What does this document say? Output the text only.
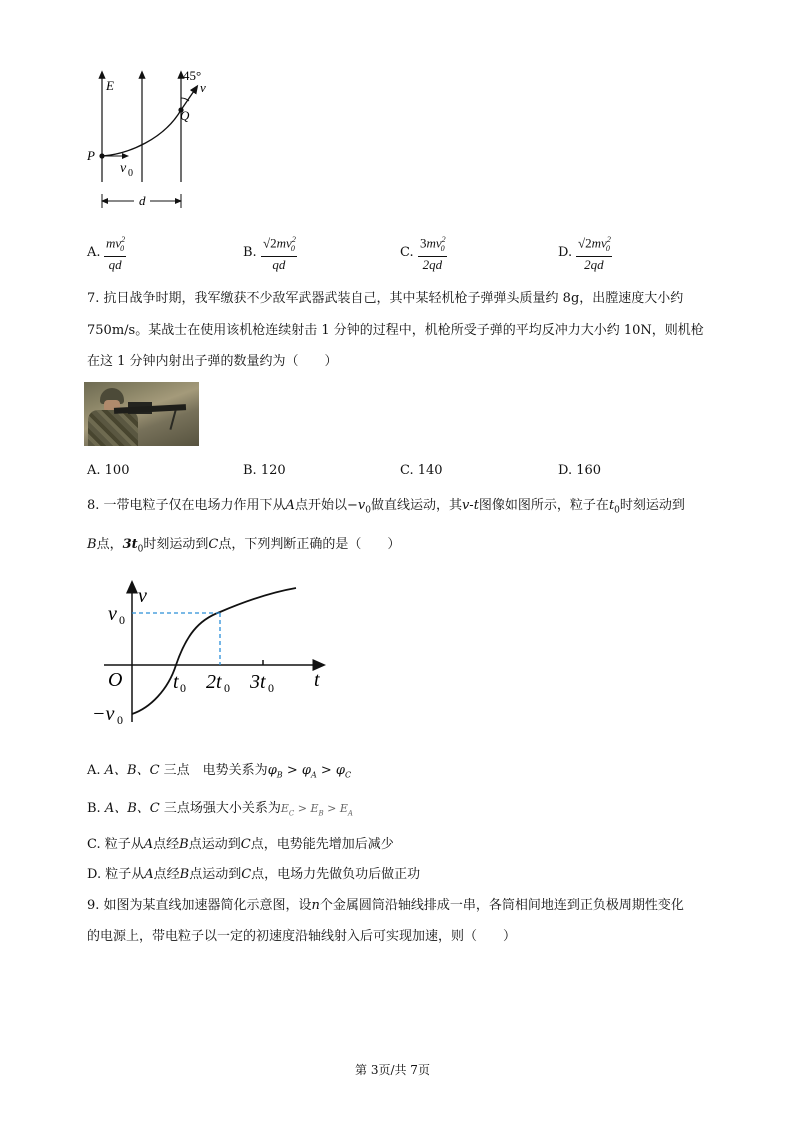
E
45°
v
Q
P
v 0
d
A. $\frac{mv^2_0}{qd}$	B. $\frac{√2mv^2_0}{qd}$	C. $\frac{3mv^2_0}{2qd}$	D. $\frac{√2mv^2_0}{2qd}$
7. 抗日战争时期，我军缴获不少敌军武器武装自己，其中某轻机枪子弹弹头质量约 8g，出膛速度大小约
750m/s。某战士在使用该机枪连续射击 1 分钟的过程中，机枪所受子弹的平均反冲力大小约 10N，则机枪
在这 1 分钟内射出子弹的数量约为（　　）
A. 100	B. 120	C. 140	D. 160
8. 一带电粒子仅在电场力作用下从A点开始以$-v_0$做直线运动，其v-t图像如图所示，粒子在$t_0$时刻运动到
B点，$3t_0$时刻运动到C点，下列判断正确的是（　　）
v
t
O
v 0
−v 0
t 0 2t 0 3t 0
A. A、B、C 三点　电势关系为$\varphi_B > \varphi_A > \varphi_C$
B. A、B、C 三点场强大小关系为$E_C > E_B > E_A$
C. 粒子从A点经B点运动到C点，电势能先增加后减少
D. 粒子从A点经B点运动到C点，电场力先做负功后做正功
9. 如图为某直线加速器简化示意图，设n个金属圆筒沿轴线排成一串，各筒相间地连到正负极周期性变化
的电源上，带电粒子以一定的初速度沿轴线射入后可实现加速，则（　　）
第 3页/共 7页
